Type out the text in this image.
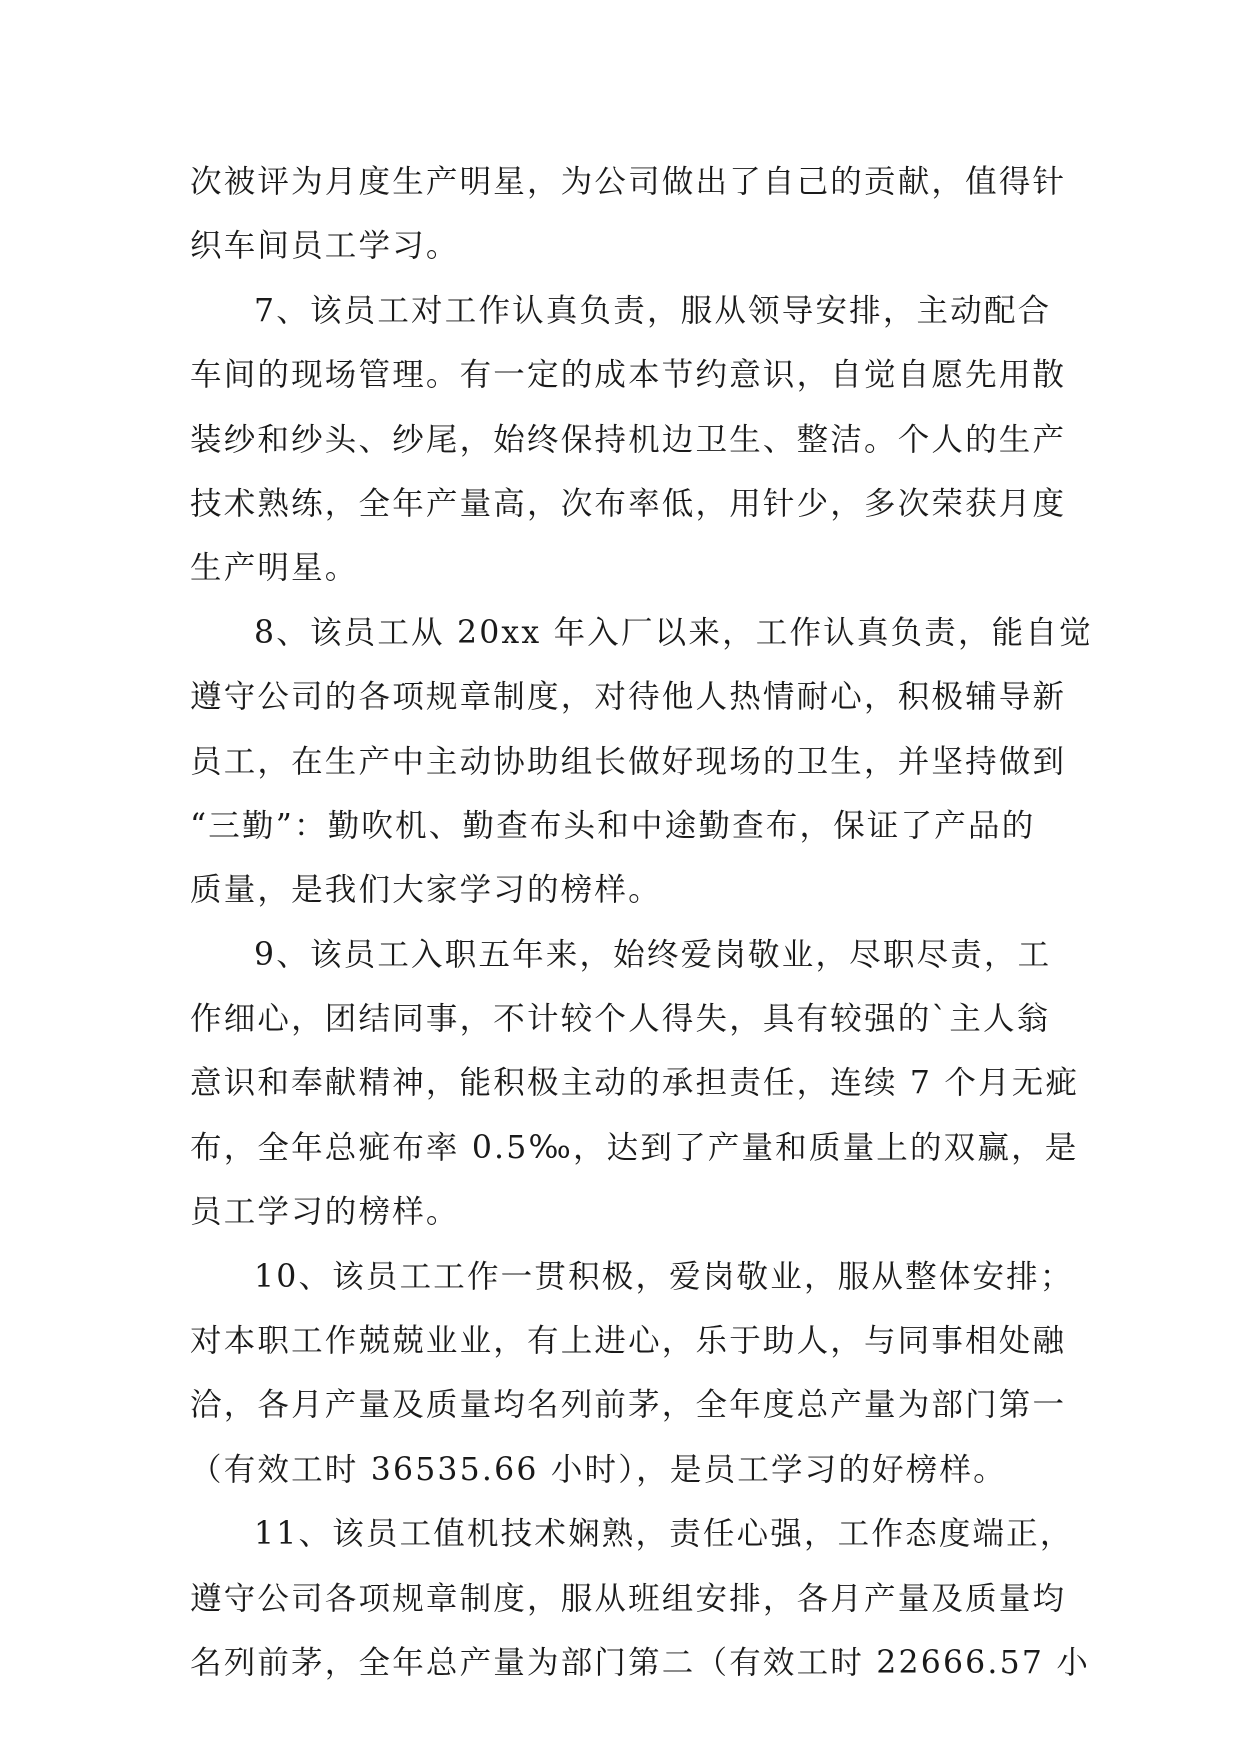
次被评为月度生产明星，为公司做出了自己的贡献，值得针
织车间员工学习。
7、该员工对工作认真负责，服从领导安排，主动配合
车间的现场管理。有一定的成本节约意识，自觉自愿先用散
装纱和纱头、纱尾，始终保持机边卫生、整洁。个人的生产
技术熟练，全年产量高，次布率低，用针少，多次荣获月度
生产明星。
8、该员工从 20xx 年入厂以来，工作认真负责，能自觉
遵守公司的各项规章制度，对待他人热情耐心，积极辅导新
员工，在生产中主动协助组长做好现场的卫生，并坚持做到
“三勤”：勤吹机、勤查布头和中途勤查布，保证了产品的
质量，是我们大家学习的榜样。
9、该员工入职五年来，始终爱岗敬业，尽职尽责，工
作细心，团结同事，不计较个人得失，具有较强的`主人翁
意识和奉献精神，能积极主动的承担责任，连续 7 个月无疵
布，全年总疵布率 0.5‰，达到了产量和质量上的双赢，是
员工学习的榜样。
10、该员工工作一贯积极，爱岗敬业，服从整体安排；
对本职工作兢兢业业，有上进心，乐于助人，与同事相处融
洽，各月产量及质量均名列前茅，全年度总产量为部门第一
（有效工时 36535.66 小时），是员工学习的好榜样。
11、该员工值机技术娴熟，责任心强，工作态度端正，
遵守公司各项规章制度，服从班组安排，各月产量及质量均
名列前茅，全年总产量为部门第二（有效工时 22666.57 小
